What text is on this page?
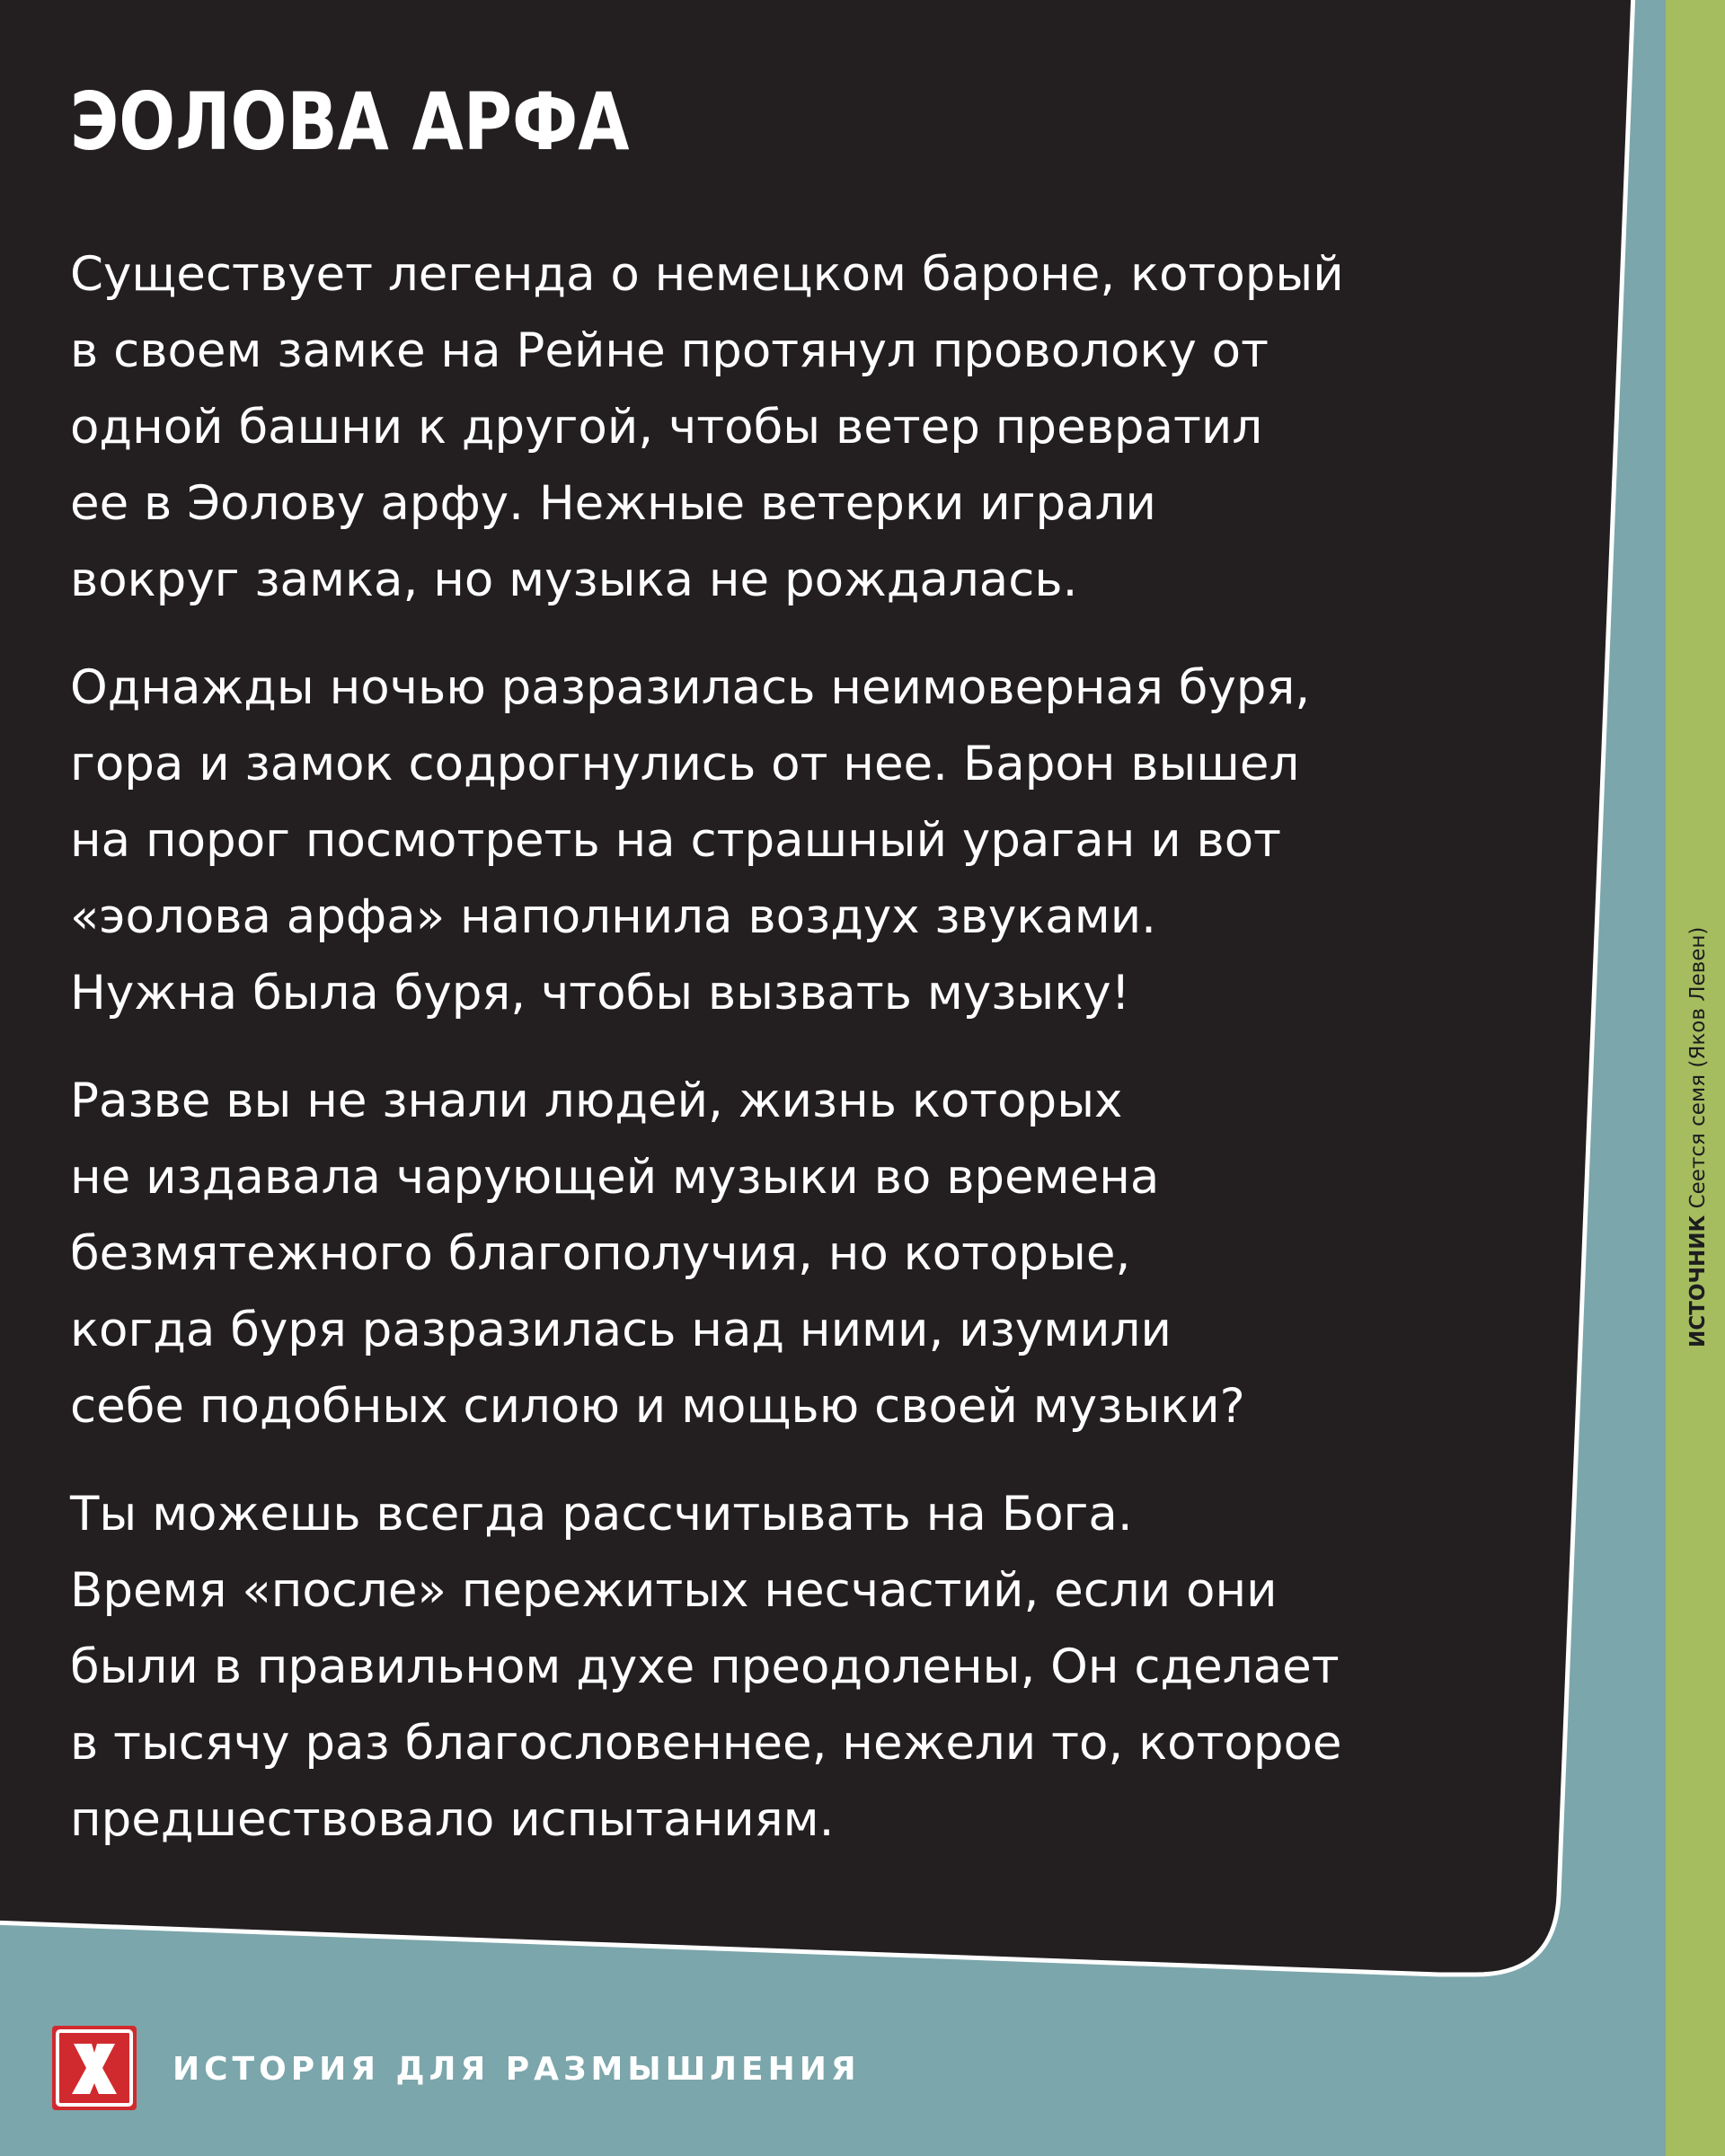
ЭОЛОВА АРФА

Существует легенда о немецком бароне, который
в своем замке на Рейне протянул проволоку от
одной башни к другой, чтобы ветер превратил
ее в Эолову арфу. Нежные ветерки играли
вокруг замка, но музыка не рождалась.

Однажды ночью разразилась неимоверная буря,
гора и замок содрогнулись от нее. Барон вышел
на порог посмотреть на страшный ураган и вот
«эолова арфа» наполнила воздух звуками.
Нужна была буря, чтобы вызвать музыку!

Разве вы не знали людей, жизнь которых
не издавала чарующей музыки во времена
безмятежного благополучия, но которые,
когда буря разразилась над ними, изумили
себе подобных силою и мощью своей музыки?

Ты можешь всегда рассчитывать на Бога.
Время «после» пережитых несчастий, если они
были в правильном духе преодолены, Он сделает
в тысячу раз благословеннее, нежели то, которое
предшествовало испытаниям.

ИСТОЧНИК Сеется семя (Яков Левен)
ИСТОРИЯ ДЛЯ РАЗМЫШЛЕНИЯ
